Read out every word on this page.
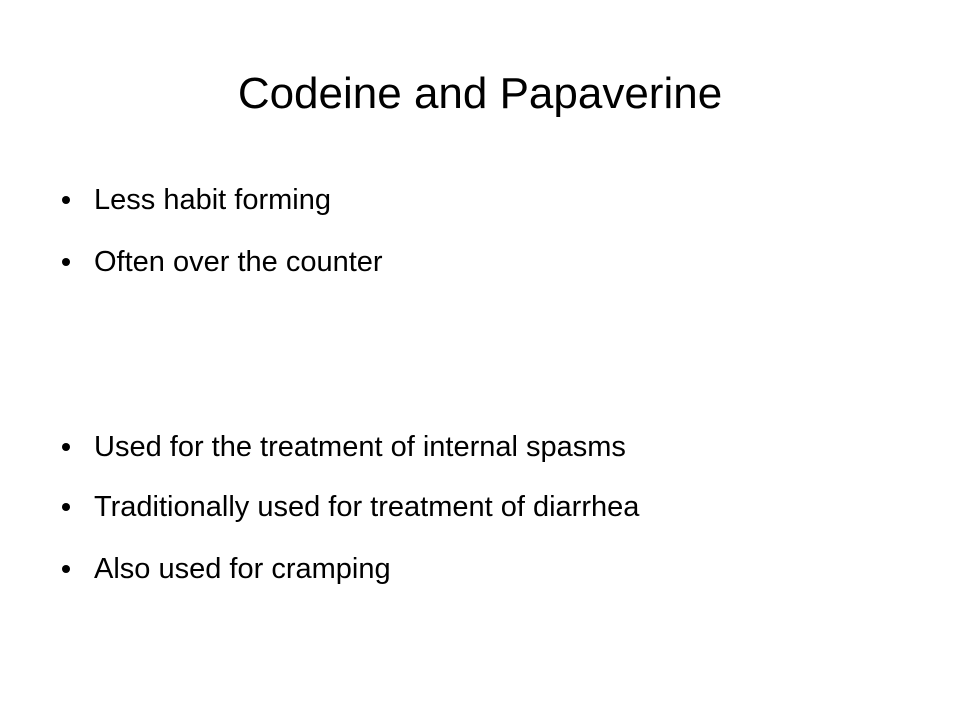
Codeine and Papaverine
Less habit forming
Often over the counter
Used for the treatment of internal spasms
Traditionally used for treatment of diarrhea
Also used for cramping
